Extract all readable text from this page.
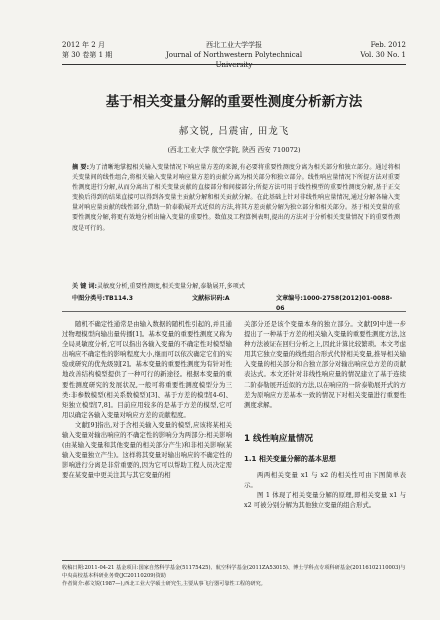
2012 年 2 月
第 30 卷第 1 期
西北工业大学学报
Journal of Northwestern Polytechnical University
Feb. 2012
Vol. 30 No. 1
基于相关变量分解的重要性测度分析新方法
郝文锐, 吕震宙, 田龙飞
(西北工业大学 航空学院, 陕西 西安 710072)
摘 要:为了清晰地掌握相关输入变量情况下响应量方差的来源,有必要将重要性测度分离为相关部分和独立部分。通过将相关变量间的线性组合,将相关输入变量对响应量方差的贡献分离为相关部分和独立部分。线性响应量情况下所提方法对重要性测度进行分解,从而分离出了相关变量贡献的直接部分和间接部分;所提方法可用于线性模型的重要性测度分解,基于正交变换后得到的结果直接可以得到各变量主贡献分解和相关贡献分解。在此基础上针对非线性响应量情况,通过分解各输入变量对响应量贡献的线性部分,借助一阶泰勒展开式近似的方法,将其方差贡献分解为独立部分和相关部分。基于相关变量的重要性测度分解,将更有效地分析出输入变量的重要性。数值及工程算例表明,提出的方法对于分析相关变量情况下的重要性测度是可行的。
关 键 词:灵敏度分析,重要性测度,相关变量分解,泰勒展开,多项式
中图分类号:TB114.3	文献标识码:A	文章编号:1000-2758(2012)01-0088-06

随机不确定性通常是由输入数据的随机性引起的,并且通过物理模型向输出量传播[1]。基本变量的重要性测度又称为全局灵敏度分析,它可以指出各输入变量的不确定性对模型输出响应不确定性的影响程度大小,继而可以依次确定它们的实验或研究的优先级别[2]。基本变量的重要性测度为有针对性地改善结构模型提供了一种可行的新途径。根据本变量的重要性测度研究的发展状况,一般可将重要性测度模型分为三类:非参数模型(相关系数模型)[3]、基于方差的模型[4-6]、矩独立模型[7,8]。目前应用较多的是基于方差的模型,它可用以确定各输入变量对响应方差的贡献程度。

文献[9]指出,对于含相关输入变量的模型,应该将某相关输入变量对输出响应的不确定性的影响分为两部分:相关影响(由某输入变量和其他变量的相关部分产生)和非相关影响(某输入变量独立产生)。这样将其变量对输出响应的不确定性的影响进行分离是非常重要的,因为它可以帮助工程人员决定需要在某变量中更关注其与其它变量的相

关部分还是该个变量本身的独立部分。文献[9]中进一步提出了一种基于方差的相关输入变量的重要性测度方法,这种方法被证在回归分析之上,因此计算比较繁琐。本文考虑用其它独立变量的线性组合形式代替相关变量,推导相关输入变量的相关部分和合独立部分对输出响应总方差的贡献表达式。本文还针对非线性响应量的情况建立了基于连续二阶泰勒展开近似的方法,以在响应的一阶泰勒展开式的方差为原响应方差基本一致的情况下对相关变量进行重要性测度求解。

1 线性响应量情况
1.1 相关变量分解的基本思想

两两相关变量 x1 与 x2 的相关性可由下图简单表示。

图 1 体现了相关变量分解的原理,即相关变量 x1 与 x2 可被分别分解为其他独立变量的组合形式。

收稿日期:2011-04-21 基金项目:国家自然科学基金(51175425)、航空科学基金(2011ZA53015)、博士学科点专项科研基金(20116102110003)与中央高校基本科研业务费(JC20110209)资助

作者简介:郝文锐(1987—),西北工业大学硕士研究生,主要从事飞行器可靠性工程的研究。
